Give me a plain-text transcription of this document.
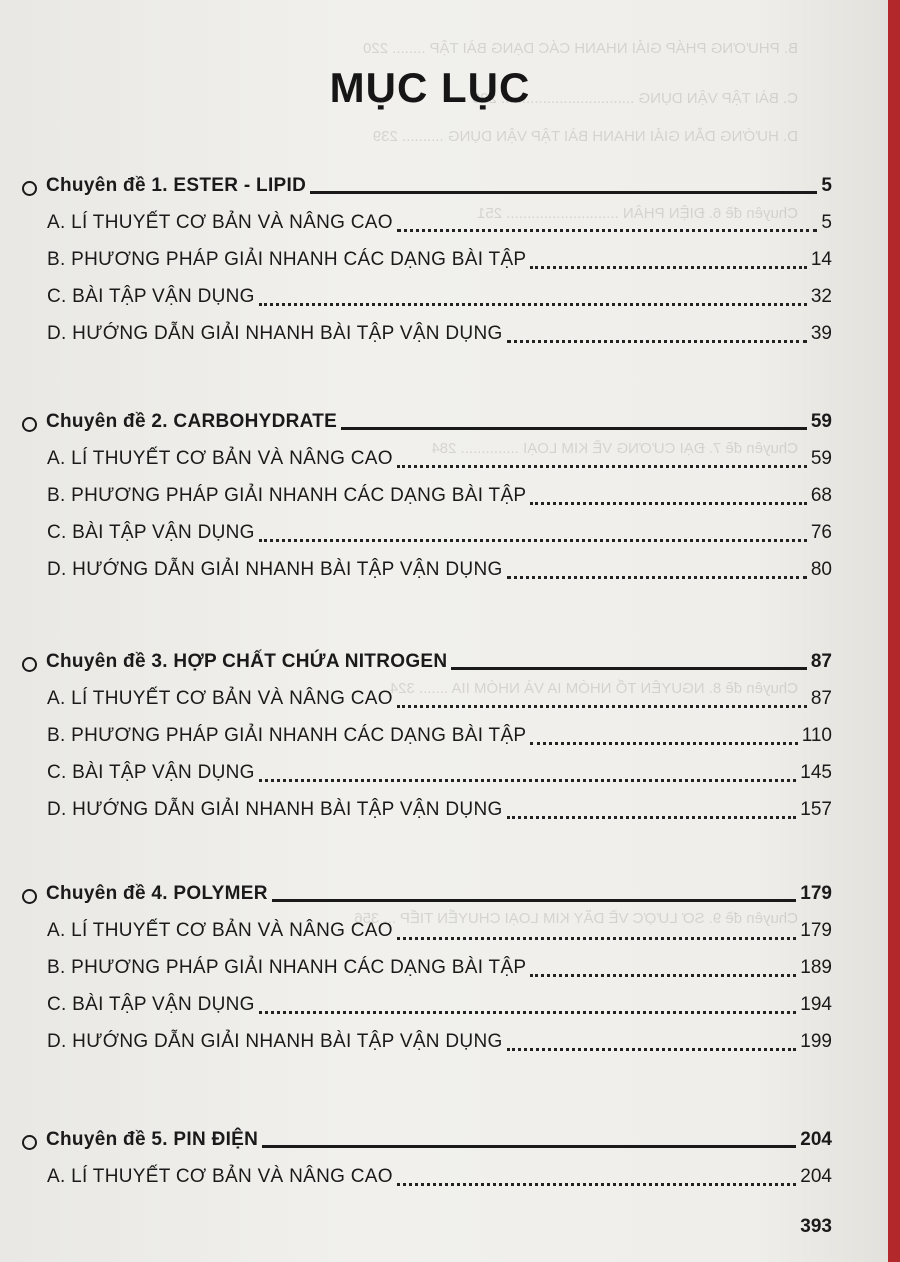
B. PHƯƠNG PHÁP GIẢI NHANH CÁC DẠNG BÀI TẬP ........ 220
C. BÀI TẬP VẬN DỤNG ................................ 229
D. HƯỚNG DẪN GIẢI NHANH BÀI TẬP VẬN DỤNG .......... 239
Chuyên đề 6. ĐIỆN PHÂN ........................... 251
Chuyên đề 7. ĐẠI CƯƠNG VỀ KIM LOẠI .............. 284
Chuyên đề 8. NGUYÊN TỐ NHÓM IA VÀ NHÓM IIA ....... 324
Chuyên đề 9. SƠ LƯỢC VỀ DÃY KIM LOẠI CHUYỂN TIẾP ... 356
MỤC LỤC
Chuyên đề 1. ESTER - LIPID	5
A. LÍ THUYẾT CƠ BẢN VÀ NÂNG CAO	5
B. PHƯƠNG PHÁP GIẢI NHANH CÁC DẠNG BÀI TẬP	14
C. BÀI TẬP VẬN DỤNG	32
D. HƯỚNG DẪN GIẢI NHANH BÀI TẬP VẬN DỤNG	39
Chuyên đề 2. CARBOHYDRATE	59
A. LÍ THUYẾT CƠ BẢN VÀ NÂNG CAO	59
B. PHƯƠNG PHÁP GIẢI NHANH CÁC DẠNG BÀI TẬP	68
C. BÀI TẬP VẬN DỤNG	76
D. HƯỚNG DẪN GIẢI NHANH BÀI TẬP VẬN DỤNG	80
Chuyên đề 3. HỢP CHẤT CHỨA NITROGEN	87
A. LÍ THUYẾT CƠ BẢN VÀ NÂNG CAO	87
B. PHƯƠNG PHÁP GIẢI NHANH CÁC DẠNG BÀI TẬP	110
C. BÀI TẬP VẬN DỤNG	145
D. HƯỚNG DẪN GIẢI NHANH BÀI TẬP VẬN DỤNG	157
Chuyên đề 4. POLYMER	179
A. LÍ THUYẾT CƠ BẢN VÀ NÂNG CAO	179
B. PHƯƠNG PHÁP GIẢI NHANH CÁC DẠNG BÀI TẬP	189
C. BÀI TẬP VẬN DỤNG	194
D. HƯỚNG DẪN GIẢI NHANH BÀI TẬP VẬN DỤNG	199
Chuyên đề 5. PIN ĐIỆN	204
A. LÍ THUYẾT CƠ BẢN VÀ NÂNG CAO	204
393
